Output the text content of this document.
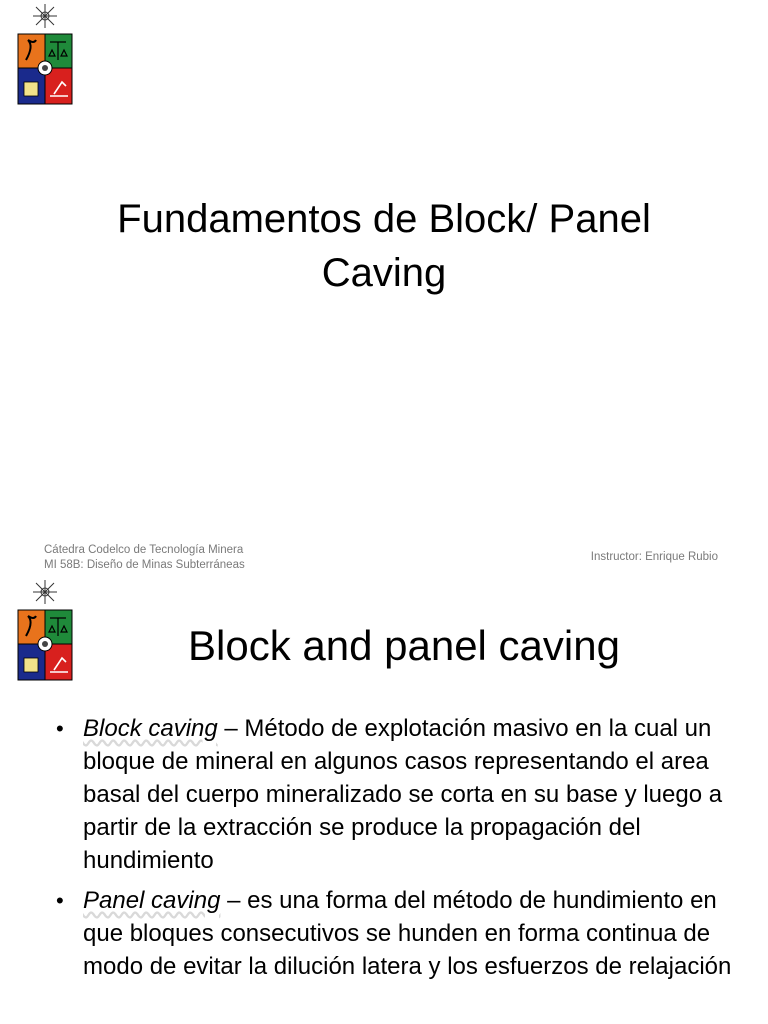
Fundamentos de Block/ Panel
Caving
Cátedra Codelco de Tecnología Minera
MI 58B: Diseño de Minas Subterráneas
Instructor: Enrique Rubio
Block and panel caving
• Block caving – Método de explotación masivo en la cual un bloque de mineral en algunos casos representando el area basal del cuerpo mineralizado se corta en su base y luego a partir de la extracción se produce la propagación del hundimiento
• Panel caving – es una forma del método de hundimiento en que bloques consecutivos se hunden en forma continua de modo de evitar la dilución latera y los esfuerzos de relajación
